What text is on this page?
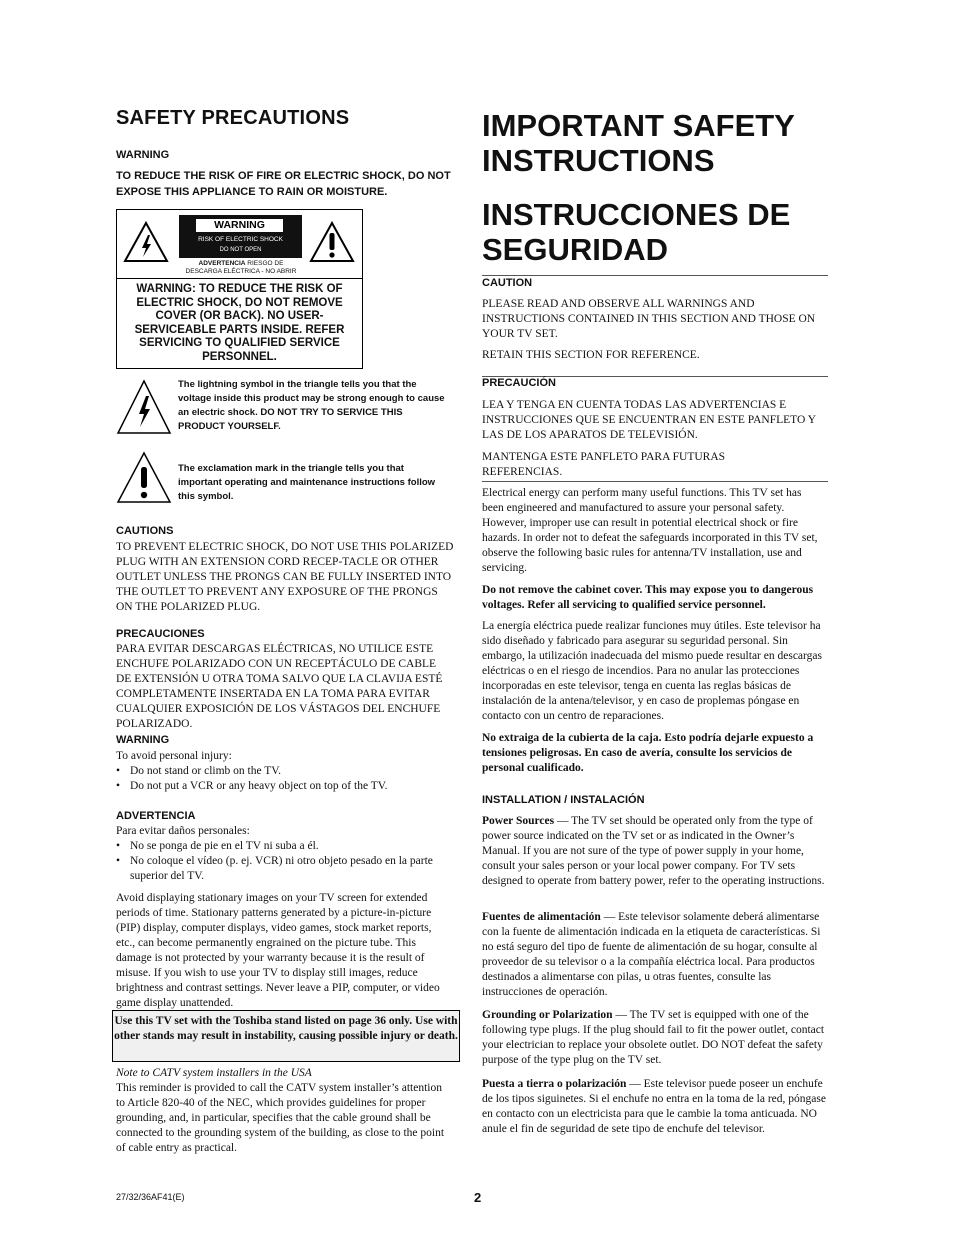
SAFETY PRECAUTIONS
WARNING
TO REDUCE THE RISK OF FIRE OR ELECTRIC SHOCK, DO NOT EXPOSE THIS APPLIANCE TO RAIN OR MOISTURE.
WARNING
RISK OF ELECTRIC SHOCK
DO NOT OPEN
ADVERTENCIA RIESGO DE
DESCARGA ELÉCTRICA - NO ABRIR
WARNING: TO REDUCE THE RISK OF ELECTRIC SHOCK, DO NOT REMOVE COVER (OR BACK). NO USER-SERVICEABLE PARTS INSIDE. REFER SERVICING TO QUALIFIED SERVICE PERSONNEL.
The lightning symbol in the triangle tells you that the voltage inside this product may be strong enough to cause an electric shock. DO NOT TRY TO SERVICE THIS PRODUCT YOURSELF.
The exclamation mark in the triangle tells you that important operating and maintenance instructions follow this symbol.
CAUTIONS
TO PREVENT ELECTRIC SHOCK, DO NOT USE THIS POLARIZED PLUG WITH AN EXTENSION CORD RECEP-TACLE OR OTHER OUTLET UNLESS THE PRONGS CAN BE FULLY INSERTED INTO THE OUTLET TO PREVENT ANY EXPOSURE OF THE PRONGS ON THE POLARIZED PLUG.
PRECAUCIONES
PARA EVITAR DESCARGAS ELÉCTRICAS, NO UTILICE ESTE ENCHUFE POLARIZADO CON UN RECEPTÁCULO DE CABLE DE EXTENSIÓN U OTRA TOMA SALVO QUE LA CLAVIJA ESTÉ COMPLETAMENTE INSERTADA EN LA TOMA PARA EVITAR CUALQUIER EXPOSICIÓN DE LOS VÁSTAGOS DEL ENCHUFE POLARIZADO.
WARNING

To avoid personal injury:

• Do not stand or climb on the TV.
• Do not put a VCR or any heavy object on top of the TV.
ADVERTENCIA

Para evitar daños personales:

• No se ponga de pie en el TV ni suba a él.
• No coloque el vídeo (p. ej. VCR) ni otro objeto pesado en la parte superior del TV.
Avoid displaying stationary images on your TV screen for extended periods of time. Stationary patterns generated by a picture-in-picture (PIP) display, computer displays, video games, stock market reports, etc., can become permanently engrained on the picture tube. This damage is not protected by your warranty because it is the result of misuse. If you wish to use your TV to display still images, reduce brightness and contrast settings. Never leave a PIP, computer, or video game display unattended.
Use this TV set with the Toshiba stand listed on page 36 only. Use with other stands may result in instability, causing possible injury or death.
Note to CATV system installers in the USA
This reminder is provided to call the CATV system installer’s attention to Article 820-40 of the NEC, which provides guidelines for proper grounding, and, in particular, specifies that the cable ground shall be connected to the grounding system of the building, as close to the point of cable entry as practical.
IMPORTANT SAFETY INSTRUCTIONS
INSTRUCCIONES DE SEGURIDAD
CAUTION
PLEASE READ AND OBSERVE ALL WARNINGS AND INSTRUCTIONS CONTAINED IN THIS SECTION AND THOSE ON YOUR TV SET.
RETAIN THIS SECTION FOR REFERENCE.
PRECAUCIÓN
LEA Y TENGA EN CUENTA TODAS LAS ADVERTENCIAS E INSTRUCCIONES QUE SE ENCUENTRAN EN ESTE PANFLETO Y LAS DE LOS APARATOS DE TELEVISIÓN.
MANTENGA ESTE PANFLETO PARA FUTURAS REFERENCIAS.
Electrical energy can perform many useful functions. This TV set has been engineered and manufactured to assure your personal safety. However, improper use can result in potential electrical shock or fire hazards. In order not to defeat the safeguards incorporated in this TV set, observe the following basic rules for antenna/TV installation, use and servicing.
Do not remove the cabinet cover. This may expose you to dangerous voltages. Refer all servicing to qualified service personnel.
La energía eléctrica puede realizar funciones muy útiles. Este televisor ha sido diseñado y fabricado para asegurar su seguridad personal. Sin embargo, la utilización inadecuada del mismo puede resultar en descargas eléctricas o en el riesgo de incendios. Para no anular las protecciones incorporadas en este televisor, tenga en cuenta las reglas básicas de instalación de la antena/televisor, y en caso de proplemas póngase en contacto con un centro de reparaciones.
No extraiga de la cubierta de la caja. Esto podría dejarle expuesto a tensiones peligrosas. En caso de avería, consulte los servicios de personal cualificado.
INSTALLATION / INSTALACIÓN
Power Sources — The TV set should be operated only from the type of power source indicated on the TV set or as indicated in the Owner’s Manual. If you are not sure of the type of power supply in your home, consult your sales person or your local power company. For TV sets designed to operate from battery power, refer to the operating instructions.
Fuentes de alimentación — Este televisor solamente deberá alimentarse con la fuente de alimentación indicada en la etiqueta de características. Si no está seguro del tipo de fuente de alimentación de su hogar, consulte al proveedor de su televisor o a la compañía eléctrica local. Para productos destinados a alimentarse con pilas, u otras fuentes, consulte las instrucciones de operación.
Grounding or Polarization — The TV set is equipped with one of the following type plugs. If the plug should fail to fit the power outlet, contact your electrician to replace your obsolete outlet. DO NOT defeat the safety purpose of the type plug on the TV set.
Puesta a tierra o polarización — Este televisor puede poseer un enchufe de los tipos siguinetes. Si el enchufe no entra en la toma de la red, póngase en contacto con un electricista para que le cambie la toma anticuada. NO anule el fin de seguridad de sete tipo de enchufe del televisor.
27/32/36AF41(E)	2
